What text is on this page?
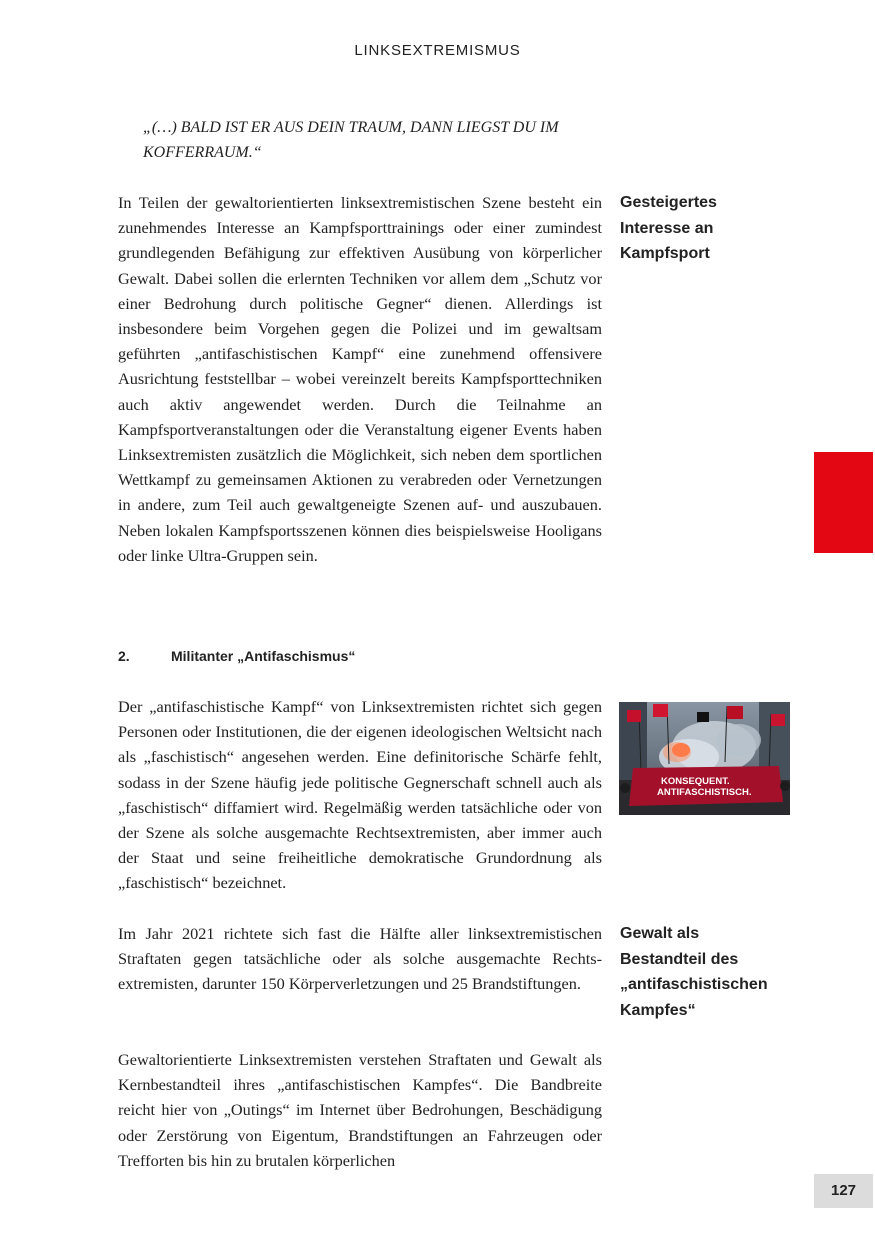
LINKSEXTREMISMUS
„(…) BALD IST ER AUS DEIN TRAUM, DANN LIEGST DU IM
KOFFERRAUM.“

In Teilen der gewaltorientierten linksextremistischen Szene besteht ein zunehmendes Interesse an Kampfsporttrainings oder einer zumindest grundlegenden Befähigung zur effektiven Ausübung von körperlicher Gewalt. Dabei sollen die erlernten Techniken vor allem dem „Schutz vor einer Bedrohung durch politische Gegner“ dienen. Allerdings ist insbesondere beim Vorgehen gegen die Polizei und im gewaltsam geführten „antifaschistischen Kampf“ eine zunehmend offensivere Ausrichtung feststellbar – wobei vereinzelt bereits Kampfsporttechniken auch aktiv angewendet werden. Durch die Teilnahme an Kampfsportveranstaltungen oder die Veranstaltung eigener Events haben Linksextremisten zusätzlich die Möglichkeit, sich neben dem sportlichen Wettkampf zu gemeinsamen Aktionen zu verabreden oder Vernetzungen in andere, zum Teil auch gewaltgeneigte Szenen auf- und auszubauen. Neben lokalen Kampfsportsszenen können dies beispielsweise Hooligans oder linke Ultra-Gruppen sein.

Gesteigertes
Interesse an
Kampfsport
2.	Militanter „Antifaschismus“

Der „antifaschistische Kampf“ von Linksextremisten richtet sich gegen Personen oder Institutionen, die der eigenen ideologischen Weltsicht nach als „faschistisch“ angesehen werden. Eine definitorische Schärfe fehlt, sodass in der Szene häufig jede politische Gegnerschaft schnell auch als „faschistisch“ diffamiert wird. Regelmäßig werden tatsächliche oder von der Szene als solche ausgemachte Rechtsextremisten, aber immer auch der Staat und seine freiheitliche demokratische Grundordnung als „faschistisch“ bezeichnet.

KONSEQUENT.
ANTIFASCHISTISCH.

Im Jahr 2021 richtete sich fast die Hälfte aller linksextremistischen Straftaten gegen tatsächliche oder als solche ausgemachte Rechtsextremisten, darunter 150 Körperverletzungen und 25 Brandstiftungen.

Gewalt als
Bestandteil des
„antifaschistischen
Kampfes“

Gewaltorientierte Linksextremisten verstehen Straftaten und Gewalt als Kernbestandteil ihres „antifaschistischen Kampfes“. Die Bandbreite reicht hier von „Outings“ im Internet über Bedrohungen, Beschädigung oder Zerstörung von Eigentum, Brandstiftungen an Fahrzeugen oder Trefforten bis hin zu brutalen körperlichen

127
